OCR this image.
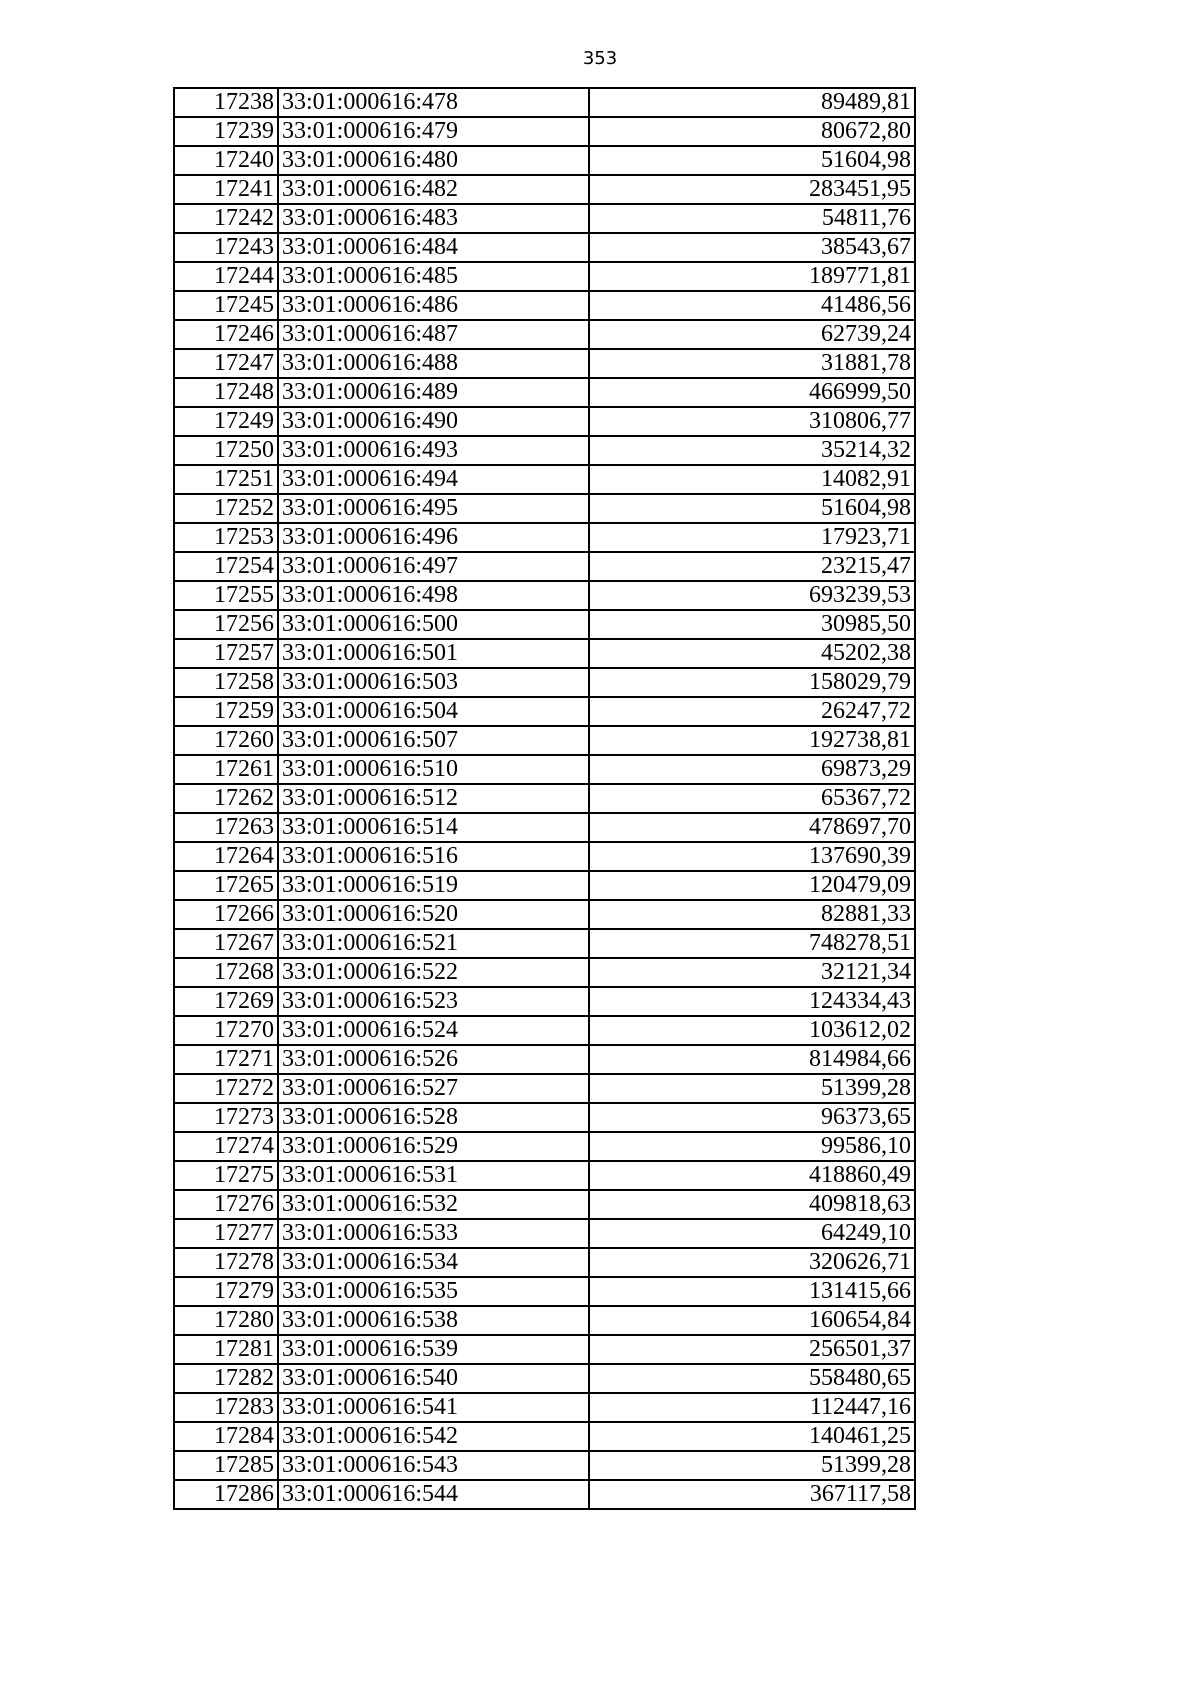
353
17238	33:01:000616:478	89489,81
17239	33:01:000616:479	80672,80
17240	33:01:000616:480	51604,98
17241	33:01:000616:482	283451,95
17242	33:01:000616:483	54811,76
17243	33:01:000616:484	38543,67
17244	33:01:000616:485	189771,81
17245	33:01:000616:486	41486,56
17246	33:01:000616:487	62739,24
17247	33:01:000616:488	31881,78
17248	33:01:000616:489	466999,50
17249	33:01:000616:490	310806,77
17250	33:01:000616:493	35214,32
17251	33:01:000616:494	14082,91
17252	33:01:000616:495	51604,98
17253	33:01:000616:496	17923,71
17254	33:01:000616:497	23215,47
17255	33:01:000616:498	693239,53
17256	33:01:000616:500	30985,50
17257	33:01:000616:501	45202,38
17258	33:01:000616:503	158029,79
17259	33:01:000616:504	26247,72
17260	33:01:000616:507	192738,81
17261	33:01:000616:510	69873,29
17262	33:01:000616:512	65367,72
17263	33:01:000616:514	478697,70
17264	33:01:000616:516	137690,39
17265	33:01:000616:519	120479,09
17266	33:01:000616:520	82881,33
17267	33:01:000616:521	748278,51
17268	33:01:000616:522	32121,34
17269	33:01:000616:523	124334,43
17270	33:01:000616:524	103612,02
17271	33:01:000616:526	814984,66
17272	33:01:000616:527	51399,28
17273	33:01:000616:528	96373,65
17274	33:01:000616:529	99586,10
17275	33:01:000616:531	418860,49
17276	33:01:000616:532	409818,63
17277	33:01:000616:533	64249,10
17278	33:01:000616:534	320626,71
17279	33:01:000616:535	131415,66
17280	33:01:000616:538	160654,84
17281	33:01:000616:539	256501,37
17282	33:01:000616:540	558480,65
17283	33:01:000616:541	112447,16
17284	33:01:000616:542	140461,25
17285	33:01:000616:543	51399,28
17286	33:01:000616:544	367117,58
